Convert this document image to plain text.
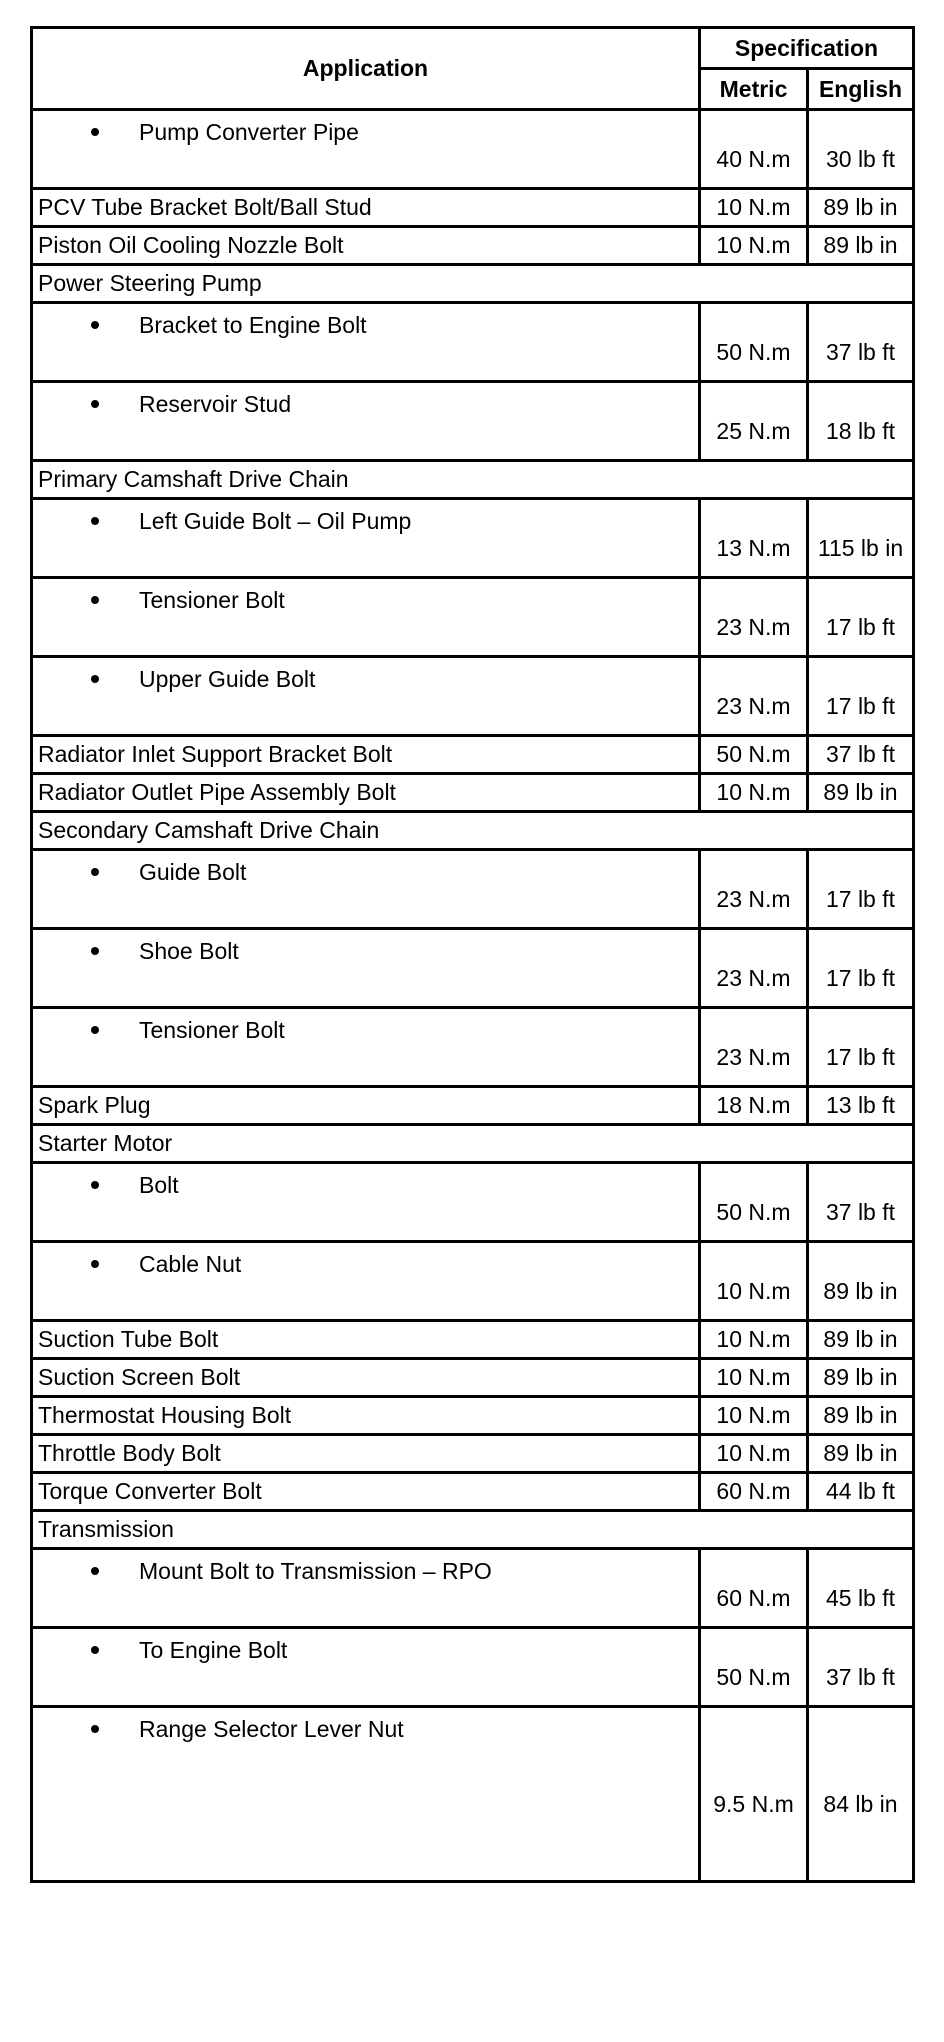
Application	Specification	
	Metric	English
Pump Converter Pipe	40 N.m	30 lb ft
PCV Tube Bracket Bolt/Ball Stud	10 N.m	89 lb in
Piston Oil Cooling Nozzle Bolt	10 N.m	89 lb in
Power Steering Pump		
Bracket to Engine Bolt	50 N.m	37 lb ft
Reservoir Stud	25 N.m	18 lb ft
Primary Camshaft Drive Chain		
Left Guide Bolt – Oil Pump	13 N.m	115 lb in
Tensioner Bolt	23 N.m	17 lb ft
Upper Guide Bolt	23 N.m	17 lb ft
Radiator Inlet Support Bracket Bolt	50 N.m	37 lb ft
Radiator Outlet Pipe Assembly Bolt	10 N.m	89 lb in
Secondary Camshaft Drive Chain		
Guide Bolt	23 N.m	17 lb ft
Shoe Bolt	23 N.m	17 lb ft
Tensioner Bolt	23 N.m	17 lb ft
Spark Plug	18 N.m	13 lb ft
Starter Motor		
Bolt	50 N.m	37 lb ft
Cable Nut	10 N.m	89 lb in
Suction Tube Bolt	10 N.m	89 lb in
Suction Screen Bolt	10 N.m	89 lb in
Thermostat Housing Bolt	10 N.m	89 lb in
Throttle Body Bolt	10 N.m	89 lb in
Torque Converter Bolt	60 N.m	44 lb ft
Transmission		
Mount Bolt to Transmission – RPO	60 N.m	45 lb ft
To Engine Bolt	50 N.m	37 lb ft
Range Selector Lever Nut	9.5 N.m	84 lb in
